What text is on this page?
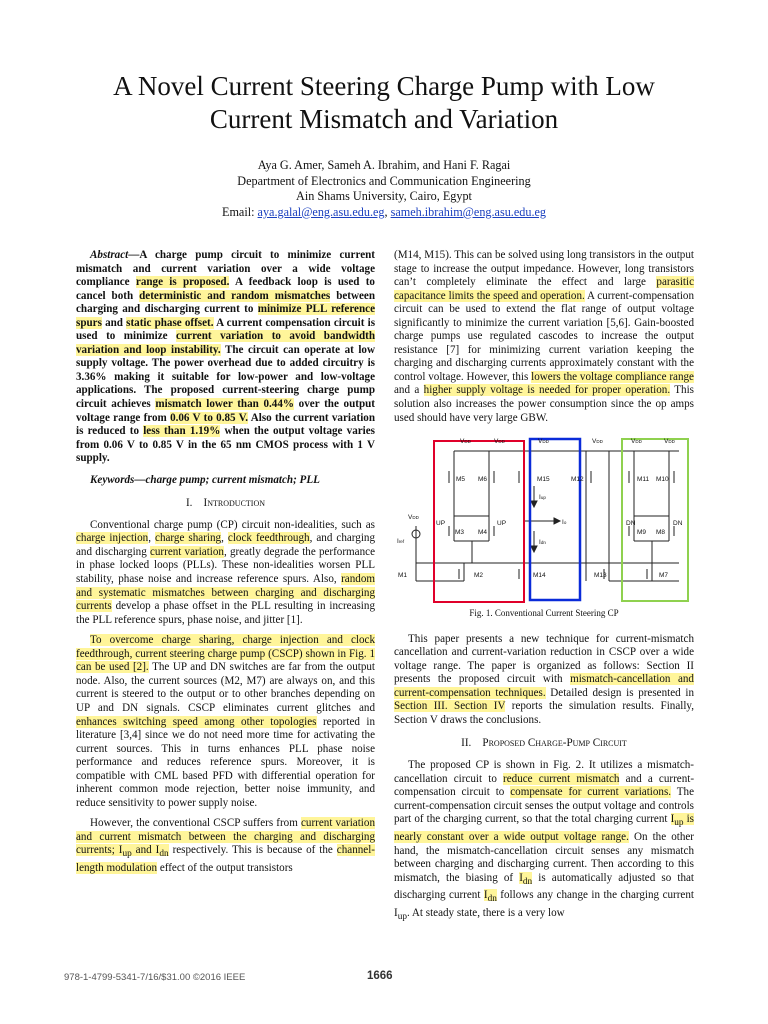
A Novel Current Steering Charge Pump with Low
Current Mismatch and Variation
Aya G. Amer, Sameh A. Ibrahim, and Hani F. Ragai
Department of Electronics and Communication Engineering
Ain Shams University, Cairo, Egypt
Email: aya.galal@eng.asu.edu.eg, sameh.ibrahim@eng.asu.edu.eg

Abstract—A charge pump circuit to minimize current mismatch and current variation over a wide voltage compliance range is proposed. A feedback loop is used to cancel both deterministic and random mismatches between charging and discharging current to minimize PLL reference spurs and static phase offset. A current compensation circuit is used to minimize current variation to avoid bandwidth variation and loop instability. The circuit can operate at low supply voltage. The power overhead due to added circuitry is 3.36% making it suitable for low-power and low-voltage applications. The proposed current-steering charge pump circuit achieves mismatch lower than 0.44% over the output voltage range from 0.06 V to 0.85 V. Also the current variation is reduced to less than 1.19% when the output voltage varies from 0.06 V to 0.85 V in the 65 nm CMOS process with 1 V supply.

Keywords—charge pump; current mismatch; PLL

I. Introduction

Conventional charge pump (CP) circuit non-idealities, such as charge injection, charge sharing, clock feedthrough, and charging and discharging current variation, greatly degrade the performance in phase locked loops (PLLs). These non-idealities worsen PLL stability, phase noise and increase reference spurs. Also, random and systematic mismatches between charging and discharging currents develop a phase offset in the PLL resulting in increasing the PLL reference spurs, phase noise, and jitter [1].

To overcome charge sharing, charge injection and clock feedthrough, current steering charge pump (CSCP) shown in Fig. 1 can be used [2]. The UP and DN switches are far from the output node. Also, the current sources (M2, M7) are always on, and this current is steered to the output or to other branches depending on UP and DN signals. CSCP eliminates current glitches and enhances switching speed among other topologies reported in literature [3,4] since we do not need more time for activating the current sources. This in turns enhances PLL phase noise performance and reduces reference spurs. Moreover, it is compatible with CML based PFD with differential operation for inherent common mode rejection, better noise immunity, and reduce sensitivity to power supply noise.

However, the conventional CSCP suffers from current variation and current mismatch between the charging and discharging currents; $I_{up}$ and $I_{dn}$ respectively. This is because of the channel-length modulation effect of the output transistors

(M14, M15). This can be solved using long transistors in the output stage to increase the output impedance. However, long transistors can’t completely eliminate the effect and large parasitic capacitance limits the speed and operation. A current-compensation circuit can be used to extend the flat range of output voltage significantly to minimize the current variation [5,6]. Gain-boosted charge pumps use regulated cascodes to increase the output resistance [7] for minimizing current variation keeping the charging and discharging currents approximately constant with the control voltage. However, this lowers the voltage compliance range and a higher supply voltage is needed for proper operation. This solution also increases the power consumption since the op amps used should have very large GBW.

VDD	VDD	VDD	VDD	VDD	VDD
VDD
M5 M6	M15	M12	M11 M10
M3 M4	M9 M8
M1	M2	M14	M13	M7
UP	UP	DN	DN
Iref
Io
Iup
Idn

Fig. 1. Conventional Current Steering CP

This paper presents a new technique for current-mismatch cancellation and current-variation reduction in CSCP over a wide voltage range. The paper is organized as follows: Section II presents the proposed circuit with mismatch-cancellation and current-compensation techniques. Detailed design is presented in Section III. Section IV reports the simulation results. Finally, Section V draws the conclusions.

II. Proposed Charge-Pump Circuit

The proposed CP is shown in Fig. 2. It utilizes a mismatch-cancellation circuit to reduce current mismatch and a current-compensation circuit to compensate for current variations. The current-compensation circuit senses the output voltage and controls part of the charging current, so that the total charging current $I_{up}$ is nearly constant over a wide output voltage range. On the other hand, the mismatch-cancellation circuit senses any mismatch between charging and discharging current. Then according to this mismatch, the biasing of $I_{dn}$ is automatically adjusted so that discharging current $I_{dn}$ follows any change in the charging current $I_{up}$. At steady state, there is a very low

978-1-4799-5341-7/16/$31.00 ©2016 IEEE	1666
